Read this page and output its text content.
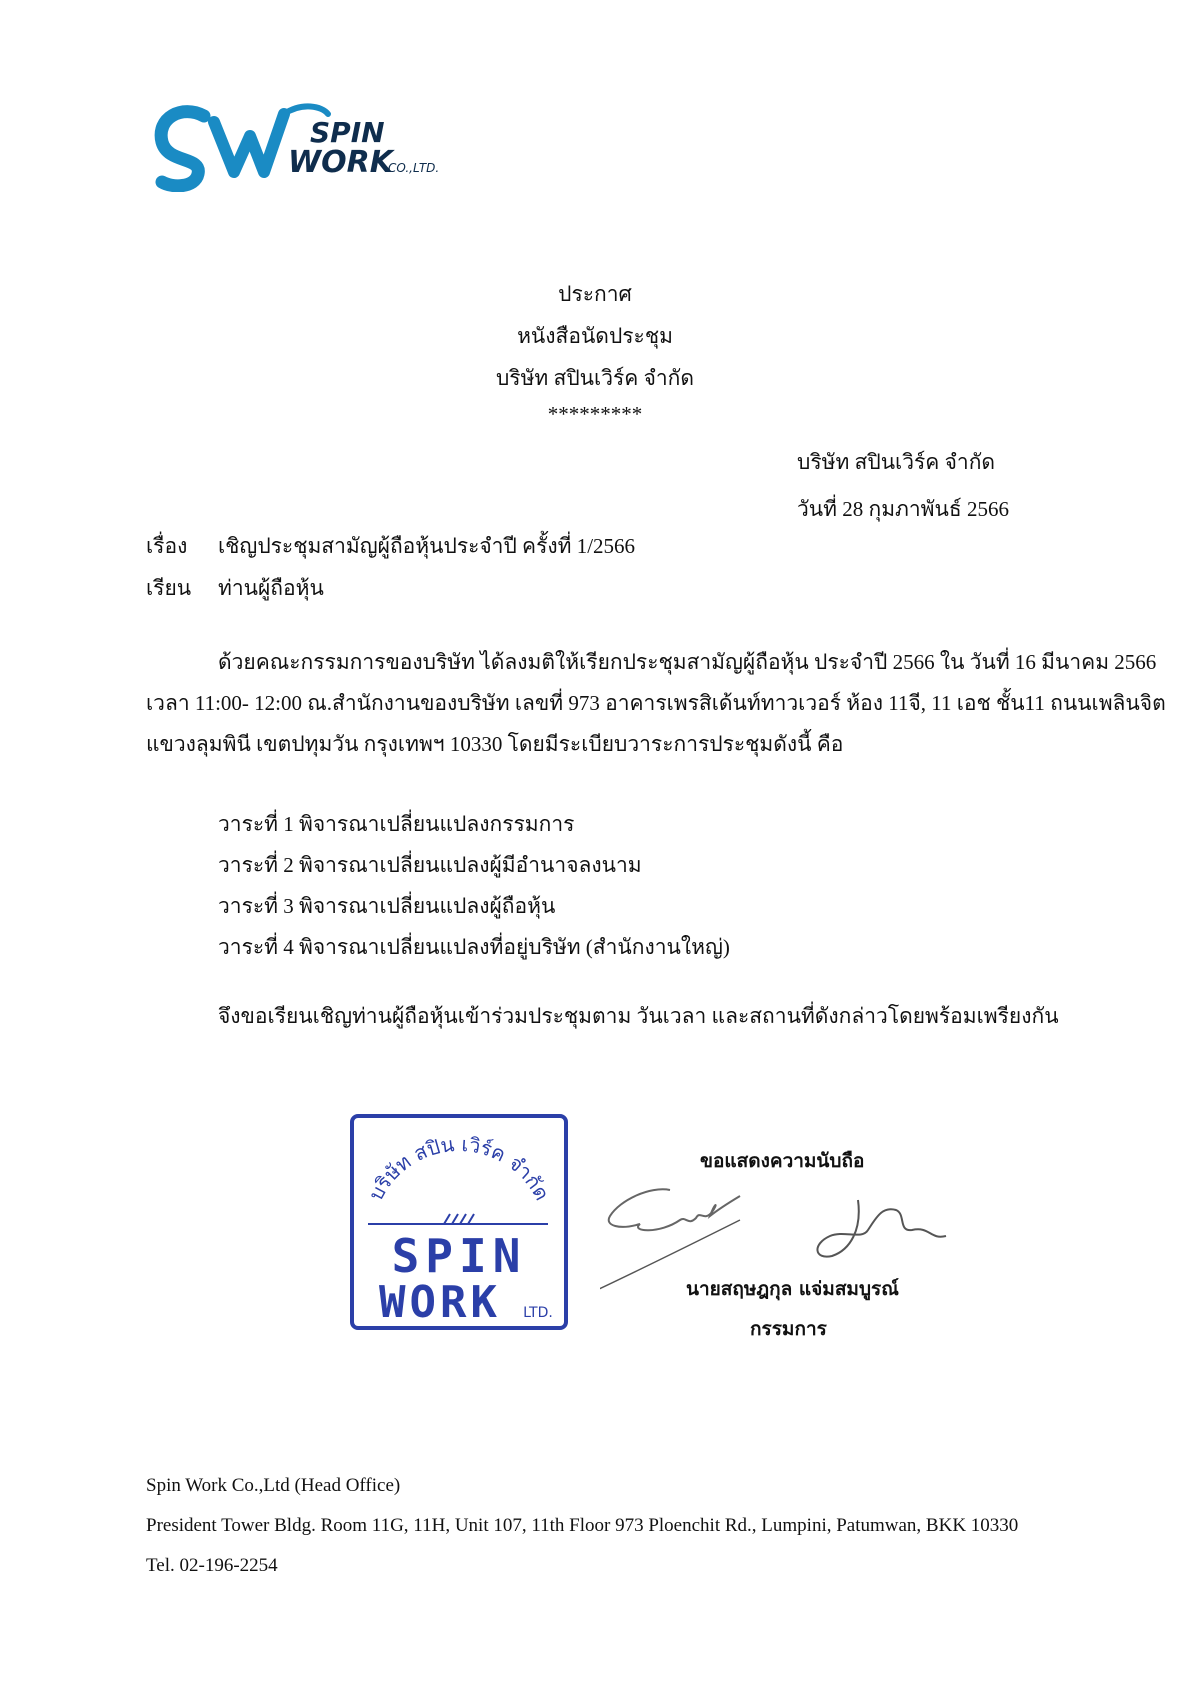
SPIN
WORK
CO.,LTD.
ประกาศ
หนังสือนัดประชุม
บริษัท สปินเวิร์ค จำกัด
*********
บริษัท สปินเวิร์ค จำกัด
วันที่ 28 กุมภาพันธ์ 2566
เรื่อง เชิญประชุมสามัญผู้ถือหุ้นประจำปี ครั้งที่ 1/2566
เรียน ท่านผู้ถือหุ้น
ด้วยคณะกรรมการของบริษัท ได้ลงมติให้เรียกประชุมสามัญผู้ถือหุ้น ประจำปี 2566 ใน วันที่ 16 มีนาคม 2566
เวลา 11:00- 12:00 ณ.สำนักงานของบริษัท เลขที่ 973 อาคารเพรสิเด้นท์ทาวเวอร์ ห้อง 11จี, 11 เอช ชั้น11 ถนนเพลินจิต
แขวงลุมพินี เขตปทุมวัน กรุงเทพฯ 10330 โดยมีระเบียบวาระการประชุมดังนี้ คือ
วาระที่ 1 พิจารณาเปลี่ยนแปลงกรรมการ
วาระที่ 2 พิจารณาเปลี่ยนแปลงผู้มีอำนาจลงนาม
วาระที่ 3 พิจารณาเปลี่ยนแปลงผู้ถือหุ้น
วาระที่ 4 พิจารณาเปลี่ยนแปลงที่อยู่บริษัท (สำนักงานใหญ่)
จึงขอเรียนเชิญท่านผู้ถือหุ้นเข้าร่วมประชุมตาม วันเวลา และสถานที่ดังกล่าวโดยพร้อมเพรียงกัน
บริษัท สปิน เวิร์ค จำกัด
SPIN
WORK LTD.
ขอแสดงความนับถือ
นายสฤษฎกุล แจ่มสมบูรณ์
กรรมการ
Spin Work Co.,Ltd (Head Office)
President Tower Bldg. Room 11G, 11H, Unit 107, 11th Floor 973 Ploenchit Rd., Lumpini, Patumwan, BKK 10330
Tel. 02-196-2254
